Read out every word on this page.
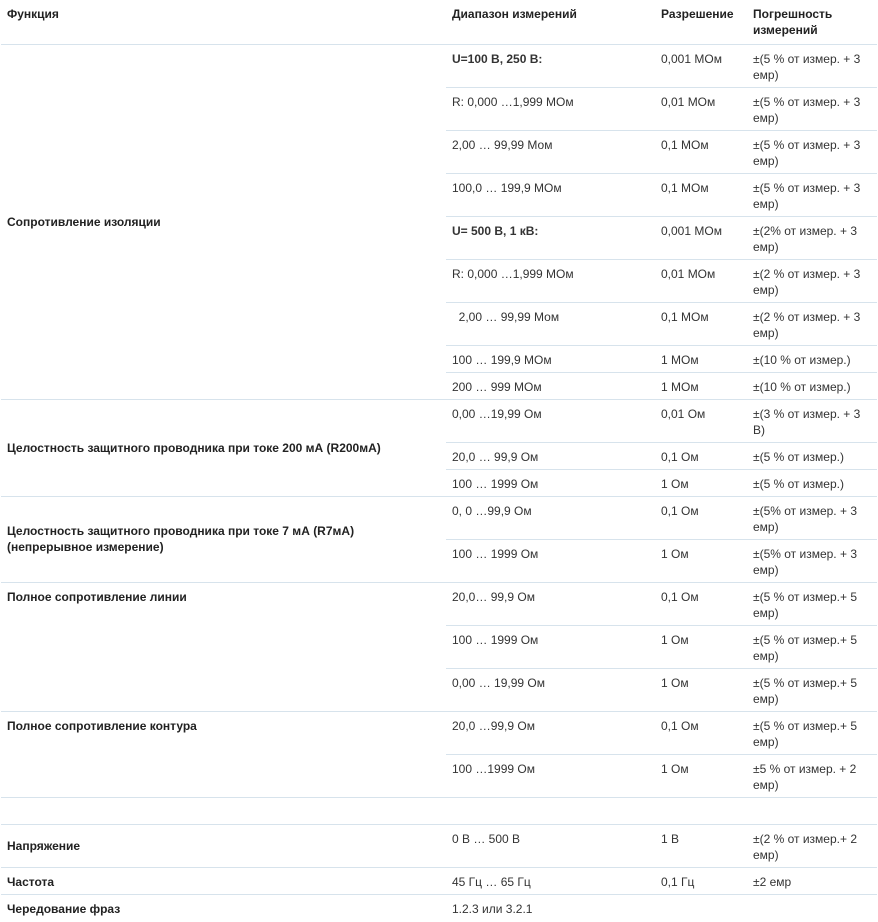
Функция	Диапазон измерений	Разрешение	Погрешность измерений
Сопротивление изоляции	U=100 В, 250 В:	0,001 МОм	±(5 % от измер. + 3 емр)
	R: 0,000 …1,999 МОм	0,01 МОм	±(5 % от измер. + 3 емр)
	2,00 … 99,99 Мом	0,1 МОм	±(5 % от измер. + 3 емр)
	100,0 … 199,9 МОм	0,1 МОм	±(5 % от измер. + 3 емр)
	U= 500 В, 1 кВ:	0,001 МОм	±(2% от измер. + 3 емр)
	R: 0,000 …1,999 МОм	0,01 МОм	±(2 % от измер. + 3 емр)
	2,00 … 99,99 Мом	0,1 МОм	±(2 % от измер. + 3 емр)
	100 … 199,9 МОм	1 МОм	±(10 % от измер.)
	200 … 999 МОм	1 МОм	±(10 % от измер.)
Целостность защитного проводника при токе 200 мА (R200мА)	0,00 …19,99 Ом	0,01 Ом	±(3 % от измер. + 3 В)
	20,0 … 99,9 Ом	0,1 Ом	±(5 % от измер.)
	100 … 1999 Ом	1 Ом	±(5 % от измер.)
Целостность защитного проводника при токе 7 мА (R7мА) (непрерывное измерение)	0, 0 …99,9 Ом	0,1 Ом	±(5% от измер. + 3 емр)
	100 … 1999 Ом	1 Ом	±(5% от измер. + 3 емр)
Полное сопротивление линии	20,0… 99,9 Ом	0,1 Ом	±(5 % от измер.+ 5 емр)
	100 … 1999 Ом	1 Ом	±(5 % от измер.+ 5 емр)
	0,00 … 19,99 Ом	1 Ом	±(5 % от измер.+ 5 емр)
Полное сопротивление контура	20,0 …99,9 Ом	0,1 Ом	±(5 % от измер.+ 5 емр)
	100 …1999 Ом	1 Ом	±5 % от измер. + 2 емр)

Напряжение	0 В … 500 В	1 В	±(2 % от измер.+ 2 емр)
Частота	45 Гц … 65 Гц	0,1 Гц	±2 емр
Чередование фраз	1.2.3 или 3.2.1		
